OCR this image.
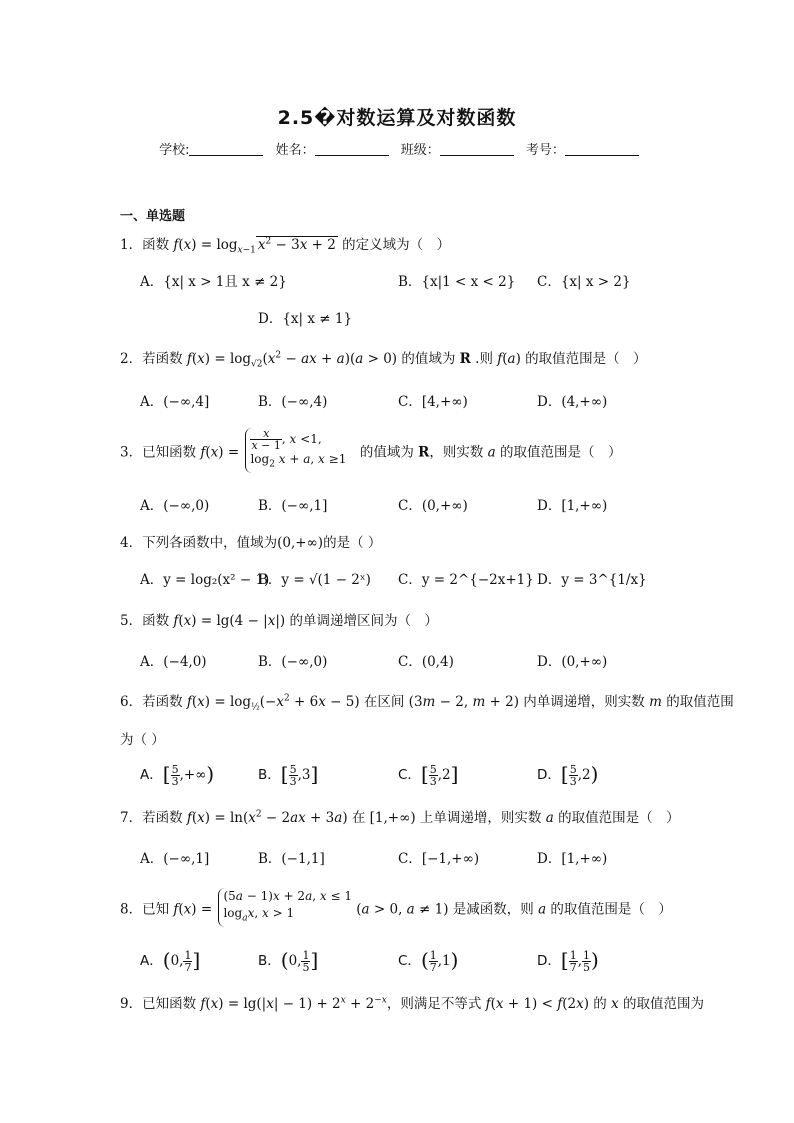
2.5�对数运算及对数函数
学校:	姓名：	班级：	考号：
一、单选题
1．函数 $f(x) = \log_{x-1} x^2 - 3x + 2$ 的定义域为（　）
A．{x| x > 1且 x ≠ 2}	B．{x|1 < x < 2} C．{x| x > 2}
D．{x| x ≠ 1}
2．若函数 $f(x) = \log_{√2}(x^2$ − ax + a)(a > 0) 的值域为 R .则 f(a) 的取值范围是（　）
A．(−∞,4]	B．(−∞,4)	C．[4,+∞)	D．(4,+∞)
3．已知函数 f(x) =
$\frac{x}{x - 1}$ , x <1,
$\log_2 x + a$, x ≥1　的值域为 R，则实数 a 的取值范围是（　）
A．(−∞,0)	B．(−∞,1]	C．(0,+∞)	D．[1,+∞)
4．下列各函数中，值域为(0,+∞)的是（ ）
A．y = log₂(x² − 1)
B．y = √(1 − 2ˣ) C．y = 2^{−2x+1} D．y = 3^{1/x}
5．函数 f(x) = lg(4 − |x|) 的单调递增区间为（　）
A．(−4,0)	B．(−∞,0)	C．(0,4)	D．(0,+∞)
6．若函数 $f(x) = \log_{\frac{1}{2}}(-x^2 + 6x - 5)$ 在区间 (3m − 2, m + 2) 内单调递增，则实数 m 的取值范围
为（ ）
A．[ $\frac{5}{3}$ ,+∞)	B．[ $\frac{5}{3} ,3$]	C．[ $\frac{5}{3} ,2$]	D．[ $\frac{5}{3} ,2$)
7．若函数 $f(x) = \ln(x^2 - 2ax + 3a)$ 在 [1,+∞) 上单调递增，则实数 a 的取值范围是（　）
A．(−∞,1]	B．(−1,1]	C．[−1,+∞)	D．[1,+∞)
8．已知 f(x) = (5a − 1)x + 2a, x ≤ 1
$\log_ax$, x > 1	(a > 0, a ≠ 1) 是减函数，则 a 的取值范围是（　）
A．(0, $\frac{1}{7}$ ]	B．(0, $\frac{1}{5}$ ]	C．( $\frac{1}{7} ,1$)	D．[ $\frac{1}{7}$ , $\frac{1}{5}$ )
9．已知函数 $f(x) = \lg(|x| - 1) + 2^x + 2^{-x}$，则满足不等式 f(x + 1) < f(2x) 的 x 的取值范围为
